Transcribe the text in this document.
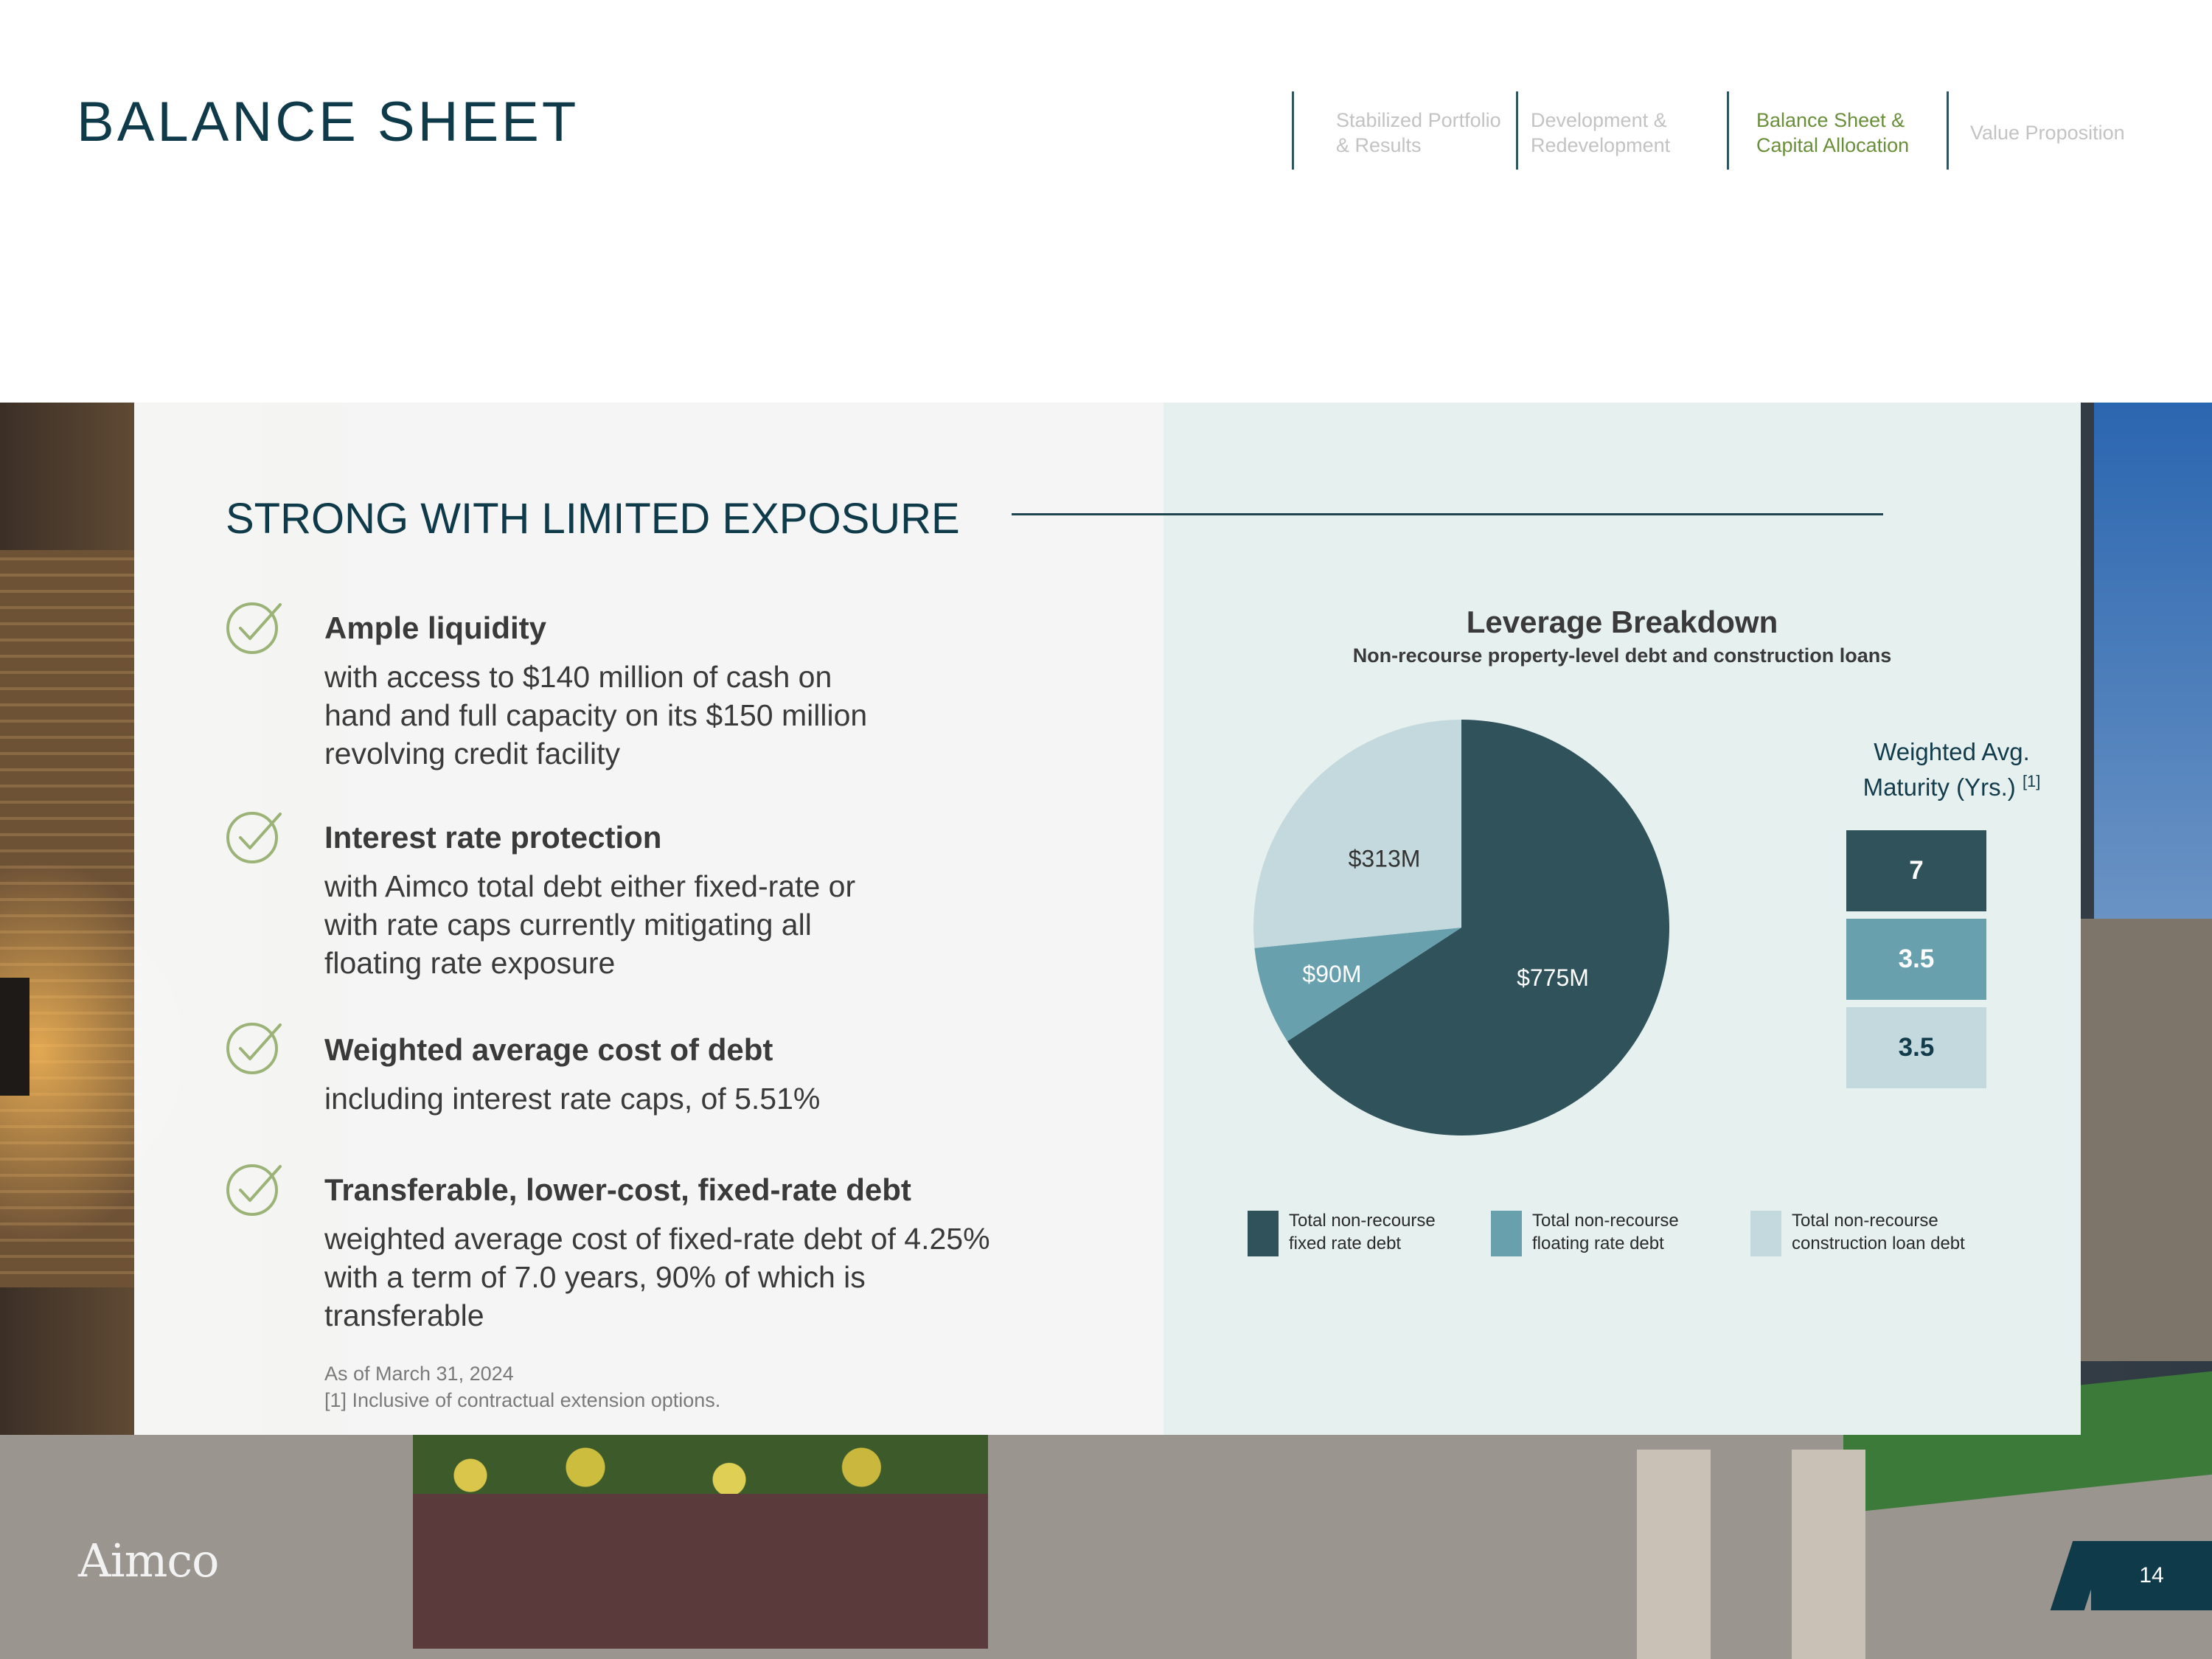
BALANCE SHEET	Stabilized Portfolio
& Results
Development &
Redevelopment
Balance Sheet &
Capital Allocation
Value Proposition
STRONG WITH LIMITED EXPOSURE
Ample liquidity
with access to $140 million of cash on
hand and full capacity on its $150 million
revolving credit facility
Interest rate protection
with Aimco total debt either fixed-rate or
with rate caps currently mitigating all
floating rate exposure
Weighted average cost of debt
including interest rate caps, of 5.51%
Transferable, lower-cost, fixed-rate debt
weighted average cost of fixed-rate debt of 4.25%
with a term of 7.0 years, 90% of which is
transferable
As of March 31, 2024
[1] Inclusive of contractual extension options.
Leverage Breakdown
Non-recourse property-level debt and construction loans
$775M
$90M
$313M
Weighted Avg.
Maturity (Yrs.) [1]
7
3.5
3.5
Total non-recourse
fixed rate debt
Total non-recourse
floating rate debt
Total non-recourse
construction loan debt
Aimco	14
